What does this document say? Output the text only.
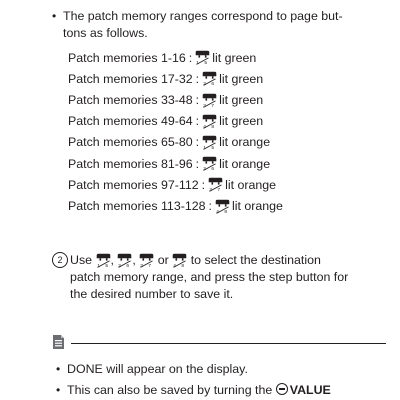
• The patch memory ranges correspond to page but-
tons as follows.
Patch memories 1-16 : 1 5 lit green
Patch memories 17-32 : 2 6 lit green
Patch memories 33-48 : 3 7 lit green
Patch memories 49-64 : 4 8 lit green
Patch memories 65-80 : 1 5 lit orange
Patch memories 81-96 : 2 6 lit orange
Patch memories 97-112 : 3 7 lit orange
Patch memories 113-128 : 4 8 lit orange
2 Use 1 5 , 2 6 , 3 7 or 4 8 to select the destination
patch memory range, and press the step button for
the desired number to save it.
• DONE will appear on the display.
• This can also be saved by turning the VALUE
